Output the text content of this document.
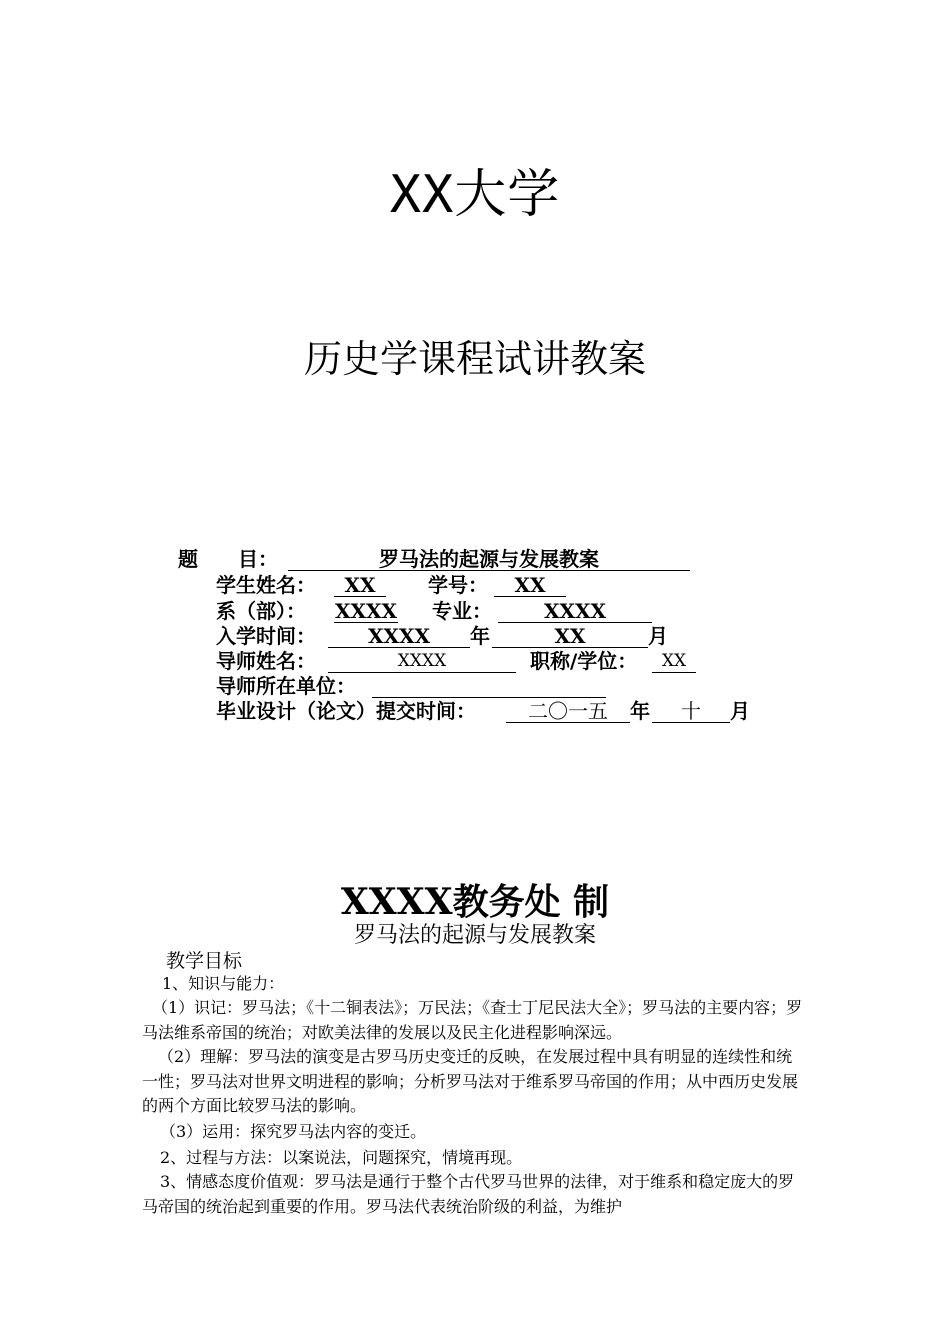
XX大学
历史学课程试讲教案
题　　目：	罗马法的起源与发展教案
学生姓名：	XX	学号：	XX
系（部）： XXXX 专业：	XXXX
入学时间：	XXXX	年	XX	月
导师姓名：	XXXX	职称/学位：	XX
导师所在单位：
毕业设计（论文）提交时间：	二〇一五	年	十	月
XXXX教务处 制
罗马法的起源与发展教案
教学目标
1、知识与能力：
（1）识记：罗马法；《十二铜表法》；万民法；《查士丁尼民法大全》；罗马法的主要内容；罗马法维系帝国的统治；对欧美法律的发展以及民主化进程影响深远。
（2）理解：罗马法的演变是古罗马历史变迁的反映，在发展过程中具有明显的连续性和统一性；罗马法对世界文明进程的影响；分析罗马法对于维系罗马帝国的作用；从中西历史发展的两个方面比较罗马法的影响。
（3）运用：探究罗马法内容的变迁。
2、过程与方法：以案说法，问题探究，情境再现。
3、情感态度价值观：罗马法是通行于整个古代罗马世界的法律，对于维系和稳定庞大的罗马帝国的统治起到重要的作用。罗马法代表统治阶级的利益，为维护
